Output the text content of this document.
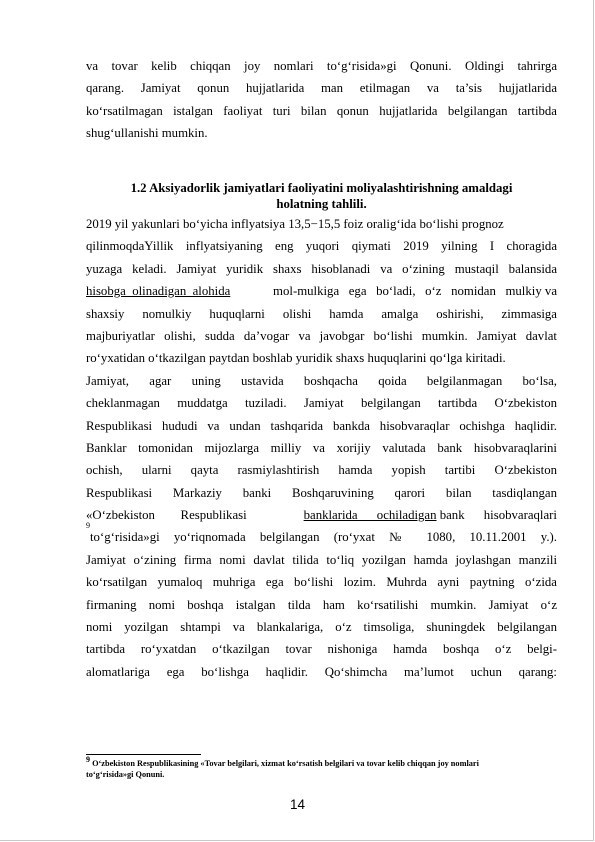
va tovar kelib chiqqan joy nomlari to‘g‘risida»gi Qonuni. Oldingi tahrirga
qarang. Jamiyat qonun hujjatlarida man etilmagan va ta’sis hujjatlarida
ko‘rsatilmagan istalgan faoliyat turi bilan qonun hujjatlarida belgilangan tartibda
shug‘ullanishi mumkin.
1.2 Aksiyadorlik jamiyatlari faoliyatini moliyalashtirishning amaldagi
holatning tahlili.
2019 yil yakunlari bo‘yicha inflyatsiya 13,5−15,5 foiz oralig‘ida bo‘lishi prognoz
qilinmoqdaYillik inflyatsiyaning eng yuqori qiymati 2019 yilning I choragida
yuzaga keladi. Jamiyat yuridik shaxs hisoblanadi va o‘zining mustaqil balansida
hisobga  olinadigan  alohida	mol-mulkiga   ega   bo‘ladi,   o‘z   nomidan   mulkiy va
shaxsiy nomulkiy huquqlarni olishi hamda amalga oshirishi, zimmasiga
majburiyatlar olishi, sudda da’vogar va javobgar bo‘lishi mumkin. Jamiyat davlat
ro‘yxatidan o‘tkazilgan paytdan boshlab yuridik shaxs huquqlarini qo‘lga kiritadi.
Jamiyat, agar uning ustavida boshqacha qoida belgilanmagan bo‘lsa,
cheklanmagan muddatga tuziladi. Jamiyat belgilangan tartibda O‘zbekiston
Respublikasi hududi va undan tashqarida bankda hisobvaraqlar ochishga haqlidir.
Banklar tomonidan mijozlarga milliy va xorijiy valutada bank hisobvaraqlarini
ochish, ularni qayta rasmiylashtirish hamda yopish tartibi O‘zbekiston
Respublikasi Markaziy banki Boshqaruvining qarori bilan tasdiqlangan
«O‘zbekiston        Respublikasi	banklarida      ochiladigan bank      hisobvaraqlari
9
to‘g‘risida»gi yo‘riqnomada belgilangan (ro‘yxat № 1080, 10.11.2001 y.).
Jamiyat o‘zining firma nomi davlat tilida to‘liq yozilgan hamda joylashgan manzili
ko‘rsatilgan yumaloq muhriga ega bo‘lishi lozim. Muhrda ayni paytning o‘zida
firmaning nomi boshqa istalgan tilda ham ko‘rsatilishi mumkin. Jamiyat o‘z
nomi yozilgan shtampi va blankalariga, o‘z timsoliga, shuningdek belgilangan
tartibda ro‘yxatdan o‘tkazilgan tovar nishoniga hamda boshqa o‘z belgi-
alomatlariga ega bo‘lishga haqlidir. Qo‘shimcha ma’lumot uchun qarang:
$^9$ O‘zbekiston Respublikasining «Tovar belgilari, xizmat ko‘rsatish belgilari va tovar kelib chiqqan joy nomlari
to‘g‘risida»gi Qonuni.
14
